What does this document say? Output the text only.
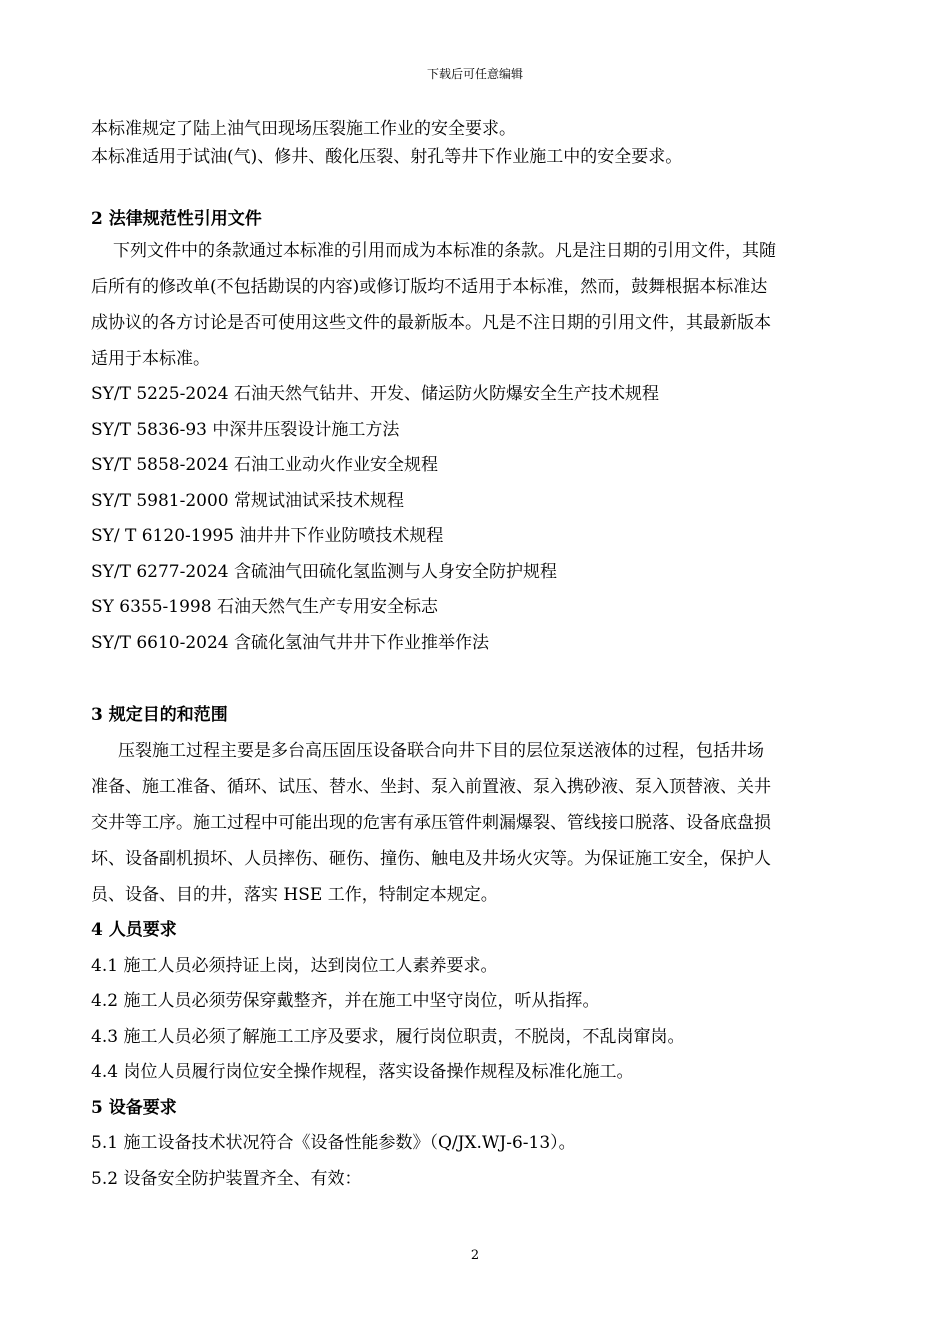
下载后可任意编辑
本标准规定了陆上油气田现场压裂施工作业的安全要求。
本标准适用于试油(气)、修井、酸化压裂、射孔等井下作业施工中的安全要求。
2 法律规范性引用文件
下列文件中的条款通过本标准的引用而成为本标准的条款。凡是注日期的引用文件，其随
后所有的修改单(不包括勘误的内容)或修订版均不适用于本标准，然而，鼓舞根据本标准达
成协议的各方讨论是否可使用这些文件的最新版本。凡是不注日期的引用文件，其最新版本
适用于本标准。
SY/T 5225-2024 石油天然气钻井、开发、储运防火防爆安全生产技术规程
SY/T 5836-93 中深井压裂设计施工方法
SY/T 5858-2024 石油工业动火作业安全规程
SY/T 5981-2000 常规试油试采技术规程
SY/ T 6120-1995 油井井下作业防喷技术规程
SY/T 6277-2024 含硫油气田硫化氢监测与人身安全防护规程
SY 6355-1998 石油天然气生产专用安全标志
SY/T 6610-2024 含硫化氢油气井井下作业推举作法
3 规定目的和范围
压裂施工过程主要是多台高压固压设备联合向井下目的层位泵送液体的过程，包括井场
准备、施工准备、循环、试压、替水、坐封、泵入前置液、泵入携砂液、泵入顶替液、关井
交井等工序。施工过程中可能出现的危害有承压管件刺漏爆裂、管线接口脱落、设备底盘损
坏、设备副机损坏、人员摔伤、砸伤、撞伤、触电及井场火灾等。为保证施工安全，保护人
员、设备、目的井，落实 HSE 工作，特制定本规定。
4 人员要求
4.1 施工人员必须持证上岗，达到岗位工人素养要求。
4.2 施工人员必须劳保穿戴整齐，并在施工中坚守岗位，听从指挥。
4.3 施工人员必须了解施工工序及要求，履行岗位职责，不脱岗，不乱岗窜岗。
4.4 岗位人员履行岗位安全操作规程，落实设备操作规程及标准化施工。
5 设备要求
5.1 施工设备技术状况符合《设备性能参数》（Q/JX.WJ-6-13）。
5.2 设备安全防护装置齐全、有效：
2
